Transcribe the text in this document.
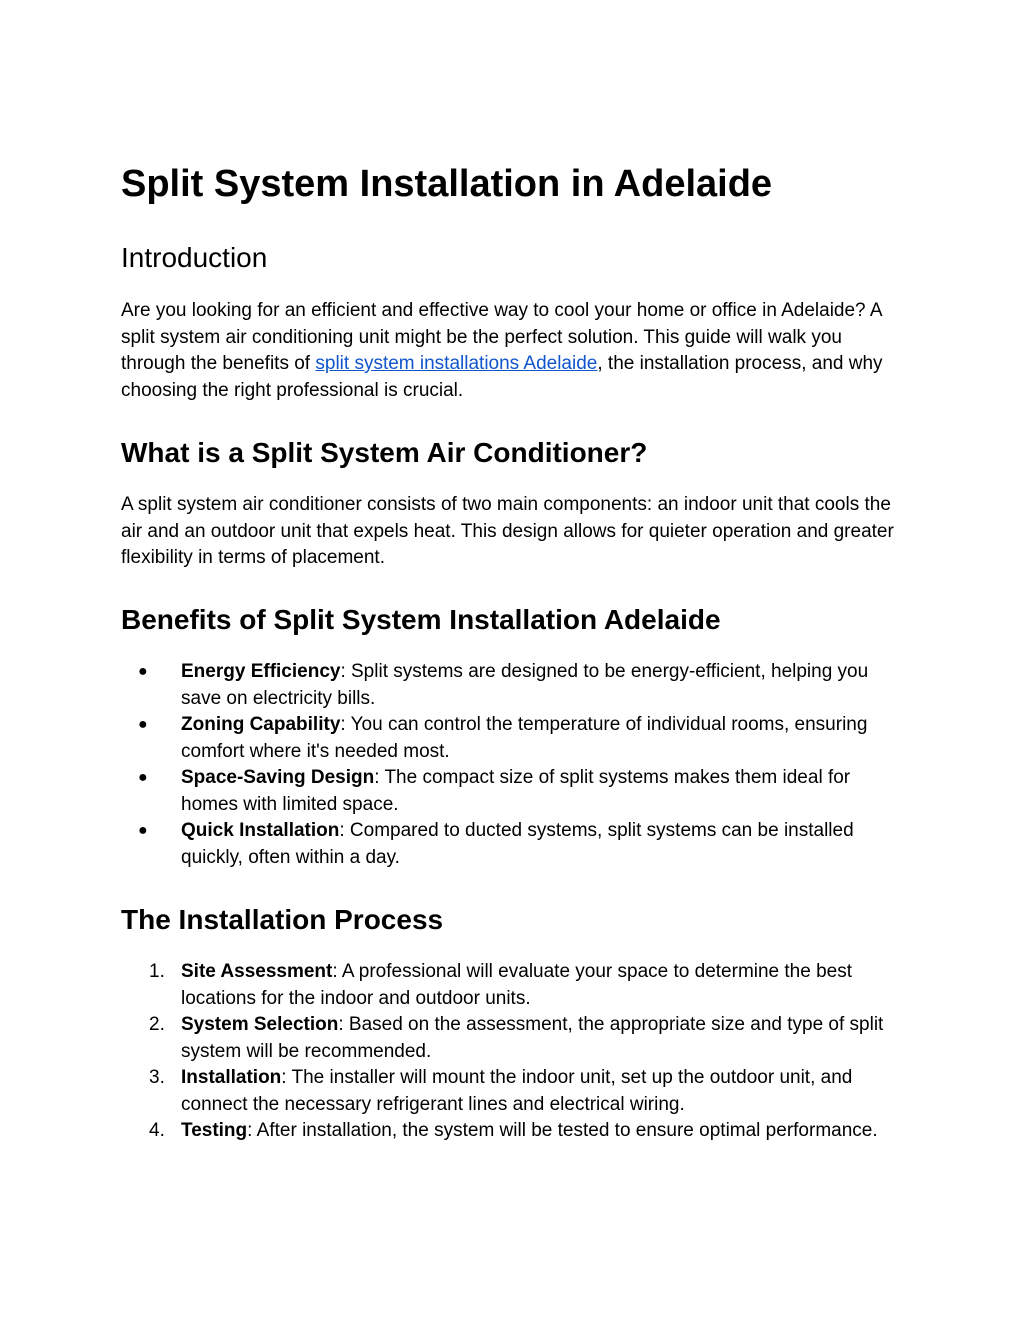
Split System Installation in Adelaide
Introduction

Are you looking for an efficient and effective way to cool your home or office in Adelaide? A split system air conditioning unit might be the perfect solution. This guide will walk you through the benefits of split system installations Adelaide, the installation process, and why choosing the right professional is crucial.

What is a Split System Air Conditioner?

A split system air conditioner consists of two main components: an indoor unit that cools the air and an outdoor unit that expels heat. This design allows for quieter operation and greater flexibility in terms of placement.

Benefits of Split System Installation Adelaide
● Energy Efficiency: Split systems are designed to be energy-efficient, helping you save on electricity bills.
● Zoning Capability: You can control the temperature of individual rooms, ensuring comfort where it's needed most.
● Space-Saving Design: The compact size of split systems makes them ideal for homes with limited space.
● Quick Installation: Compared to ducted systems, split systems can be installed quickly, often within a day.
The Installation Process
1. Site Assessment: A professional will evaluate your space to determine the best locations for the indoor and outdoor units.
2. System Selection: Based on the assessment, the appropriate size and type of split system will be recommended.
3. Installation: The installer will mount the indoor unit, set up the outdoor unit, and connect the necessary refrigerant lines and electrical wiring.
4. Testing: After installation, the system will be tested to ensure optimal performance.
